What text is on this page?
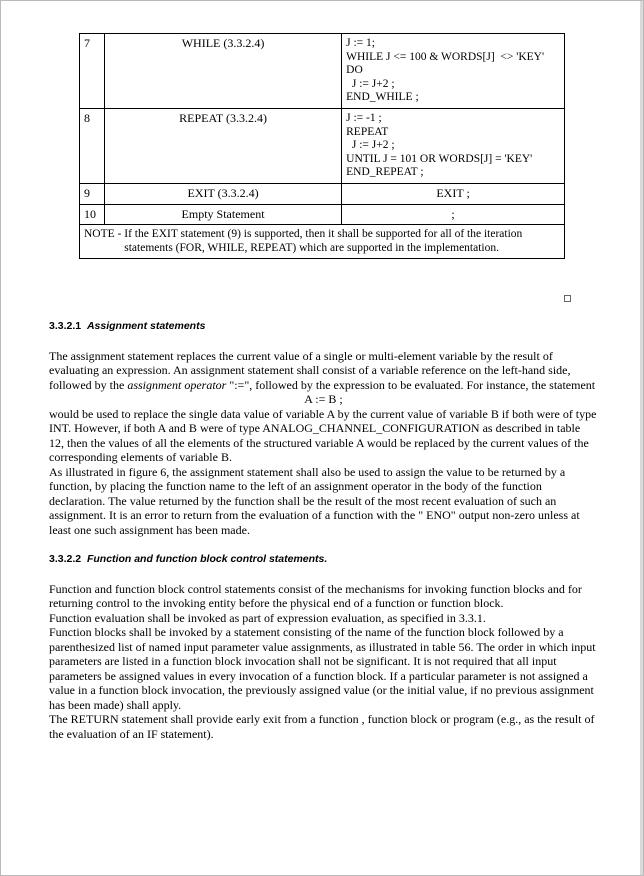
7	WHILE (3.3.2.4)	J := 1;
WHILE J <= 100 & WORDS[J]  <> 'KEY'
DO
J := J+2 ;
END_WHILE ;
8	REPEAT (3.3.2.4)	J := -1 ;
REPEAT
J := J+2 ;
UNTIL J = 101 OR WORDS[J] = 'KEY'
END_REPEAT ;
9	EXIT (3.3.2.4)	EXIT ;
10	Empty Statement	;

NOTE - If the EXIT statement (9) is supported, then it shall be supported for all of the iteration statements (FOR, WHILE, REPEAT) which are supported in the implementation.		
3.3.2.1 Assignment statements

The assignment statement replaces the current value of a single or multi-element variable by the result of evaluating an expression. An assignment statement shall consist of a variable reference on the left-hand side, followed by the assignment operator ":=", followed by the expression to be evaluated. For instance, the statement

A := B ;

would be used to replace the single data value of variable A by the current value of variable B if both were of type INT. However, if both A and B were of type ANALOG_CHANNEL_CONFIGURATION as described in table 12, then the values of all the elements of the structured variable A would be replaced by the current values of the corresponding elements of variable B.

As illustrated in figure 6, the assignment statement shall also be used to assign the value to be returned by a function, by placing the function name to the left of an assignment operator in the body of the function declaration. The value returned by the function shall be the result of the most recent evaluation of such an assignment. It is an error to return from the evaluation of a function with the " ENO" output non-zero unless at least one such assignment has been made.

3.3.2.2 Function and function block control statements.

Function and function block control statements consist of the mechanisms for invoking function blocks and for returning control to the invoking entity before the physical end of a function or function block.

Function evaluation shall be invoked as part of expression evaluation, as specified in 3.3.1.

Function blocks shall be invoked by a statement consisting of the name of the function block followed by a parenthesized list of named input parameter value assignments, as illustrated in table 56. The order in which input parameters are listed in a function block invocation shall not be significant. It is not required that all input parameters be assigned values in every invocation of a function block. If a particular parameter is not assigned a value in a function block invocation, the previously assigned value (or the initial value, if no previous assignment has been made) shall apply.

The RETURN statement shall provide early exit from a function , function block or program (e.g., as the result of the evaluation of an IF statement).
